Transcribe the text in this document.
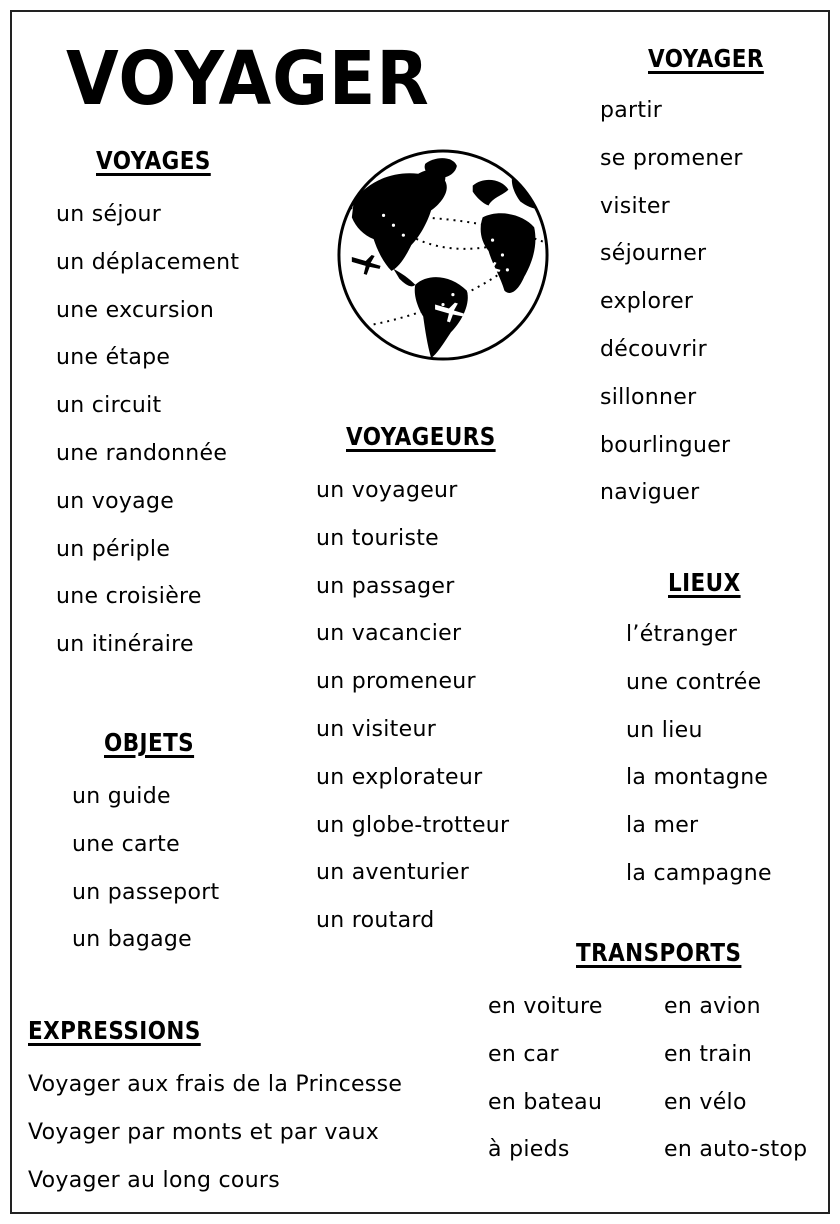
VOYAGER
VOYAGES
un séjour
un déplacement
une excursion
une étape
un circuit
une randonnée
un voyage
un périple
une croisière
un itinéraire
VOYAGER
partir
se promener
visiter
séjourner
explorer
découvrir
sillonner
bourlinguer
naviguer
VOYAGEURS
un voyageur
un touriste
un passager
un vacancier
un promeneur
un visiteur
un explorateur
un globe-trotteur
un aventurier
un routard
LIEUX
l’étranger
une contrée
un lieu
la montagne
la mer
la campagne
OBJETS
un guide
une carte
un passeport
un bagage	TRANSPORTS
en voiture
en car
en bateau
à pieds
en avion
en train
en vélo
en auto-stop
EXPRESSIONS
Voyager aux frais de la Princesse
Voyager par monts et par vaux
Voyager au long cours
